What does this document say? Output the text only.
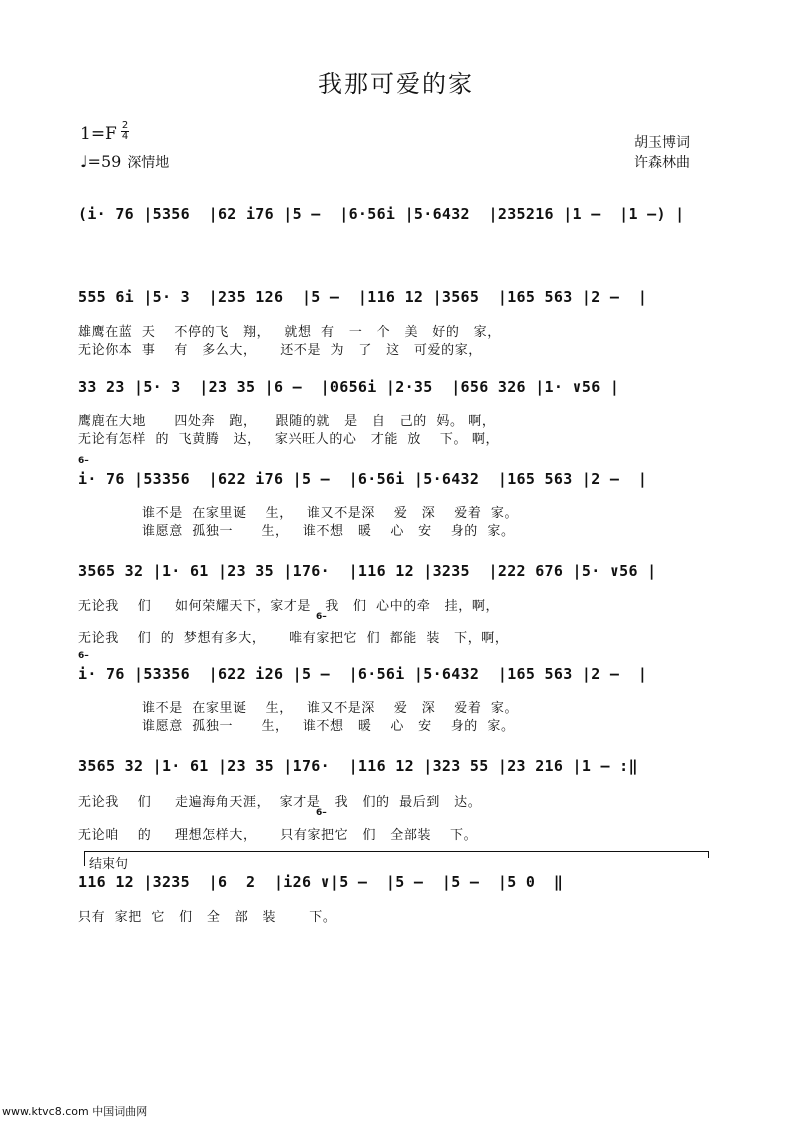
我那可爱的家
$1=F \frac{2}{4}$
♩=59 深情地
胡玉博词
许森林曲
(i· 76 |5356  |62 i76 |5 –  |6·56i |5·6432  |235216 |1 –  |1 –) |
555 6i |5· 3  |235 126  |5 –  |116 12 |3565  |165 563 |2 –  |
雄鹰在蓝  天    不停的飞   翔，   就想  有   一   个   美   好的   家，
无论你本  事    有   多么大，     还不是  为   了   这   可爱的家，
33 23 |5· 3  |23 35 |6 –  |0656i |2·35  |656 326 |1· ∨56 |
鹰鹿在大地      四处奔   跑，    跟随的就   是   自   己的  妈。 啊，
无论有怎样  的  飞黄腾   达，   家兴旺人的心   才能  放    下。 啊，
6–
i· 76 |53356  |622 i76 |5 –  |6·56i |5·6432  |165 563 |2 –  |
谁不是  在家里诞    生，   谁又不是深    爱   深    爱着  家。
谁愿意  孤独一      生，   谁不想   暖    心   安    身的  家。
3565 32 |1· 61 |23 35 |176·  |116 12 |3235  |222 676 |5· ∨56 |
无论我    们     如何荣耀天下，家才是   我   们  心中的牵   挂，啊，
6–
无论我    们  的  梦想有多大，     唯有家把它  们  都能  装   下，啊，
6–
i· 76 |53356  |622 i26 |5 –  |6·56i |5·6432  |165 563 |2 –  |
谁不是  在家里诞    生，   谁又不是深    爱   深    爱着  家。
谁愿意  孤独一      生，   谁不想   暖    心   安    身的  家。
3565 32 |1· 61 |23 35 |176·  |116 12 |323 55 |23 216 |1 – :‖
无论我    们     走遍海角天涯，  家才是   我   们的  最后到   达。
6–
无论咱    的     理想怎样大，     只有家把它   们   全部装    下。
结束句
116 12 |3235  |6  2  |i26 ∨|5 –  |5 –  |5 –  |5 0  ‖
只有  家把  它   们   全   部   装       下。
www.ktvc8.com 中国词曲网
